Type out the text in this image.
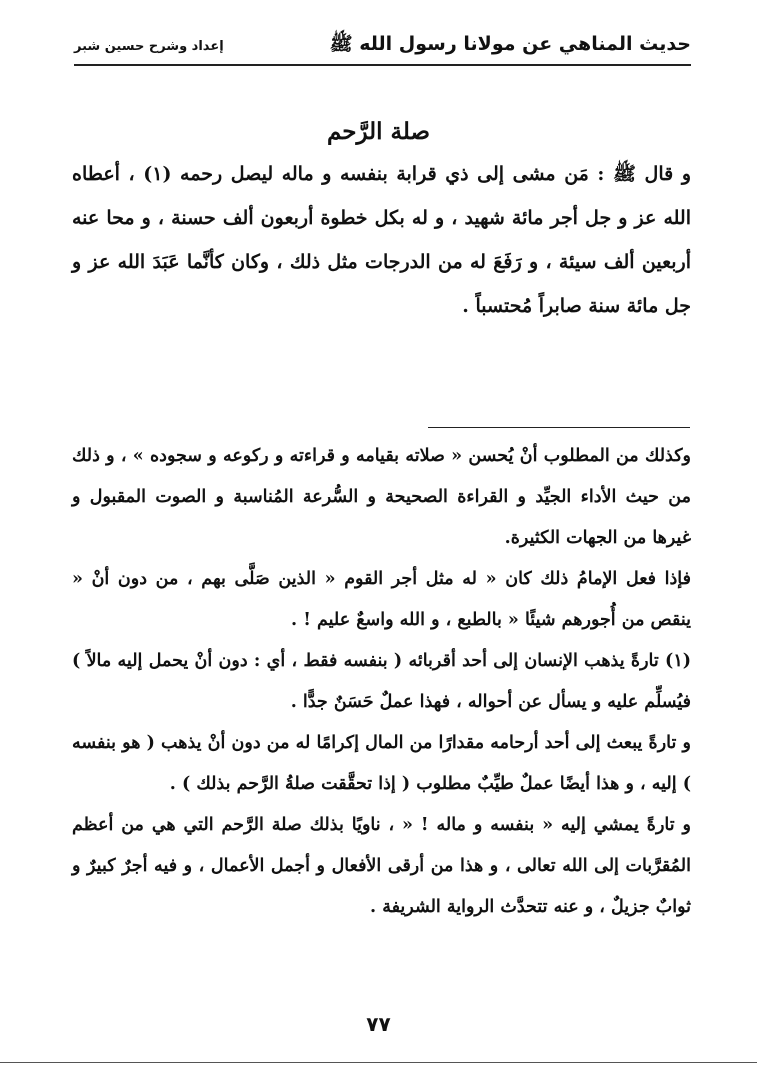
حديث المناهي عن مولانا رسول الله ﷺ
إعداد وشرح حسين شبر
صلة الرَّحم

و قال ﷺ : مَن مشى إلى ذي قرابة بنفسه و ماله ليصل رحمه (١) ، أعطاه الله عز و جل أجر مائة شهيد ، و له بكل خطوة أربعون ألف حسنة ، و محا عنه أربعين ألف سيئة ، و رَفَعَ له من الدرجات مثل ذلك ، وكان كأنَّما عَبَدَ الله عز و جل مائة سنة صابراً مُحتسباً .

وكذلك من المطلوب أنْ يُحسن « صلاته بقيامه و قراءته و ركوعه و سجوده » ، و ذلك من حيث الأداء الجيِّد و القراءة الصحيحة و السُّرعة المُناسبة و الصوت المقبول و غيرها من الجهات الكثيرة.

فإذا فعل الإمامُ ذلك كان « له مثل أجر القوم « الذين صَلَّى بهم ، من دون أنْ « ينقص من أُجورهم شيئًا « بالطبع ، و الله واسعٌ عليم ! .

(١) تارةً يذهب الإنسان إلى أحد أقربائه ( بنفسه فقط ، أي : دون أنْ يحمل إليه مالاً ) فيُسلِّم عليه و يسأل عن أحواله ، فهذا عملٌ حَسَنٌ جدًّا .

و تارةً يبعث إلى أحد أرحامه مقدارًا من المال إكرامًا له من دون أنْ يذهب ( هو بنفسه ) إليه ، و هذا أيضًا عملٌ طيِّبٌ مطلوب ( إذا تحقَّقت صلةُ الرَّحم بذلك ) .

و تارةً يمشي إليه « بنفسه و ماله ! « ، ناويًا بذلك صلة الرَّحم التي هي من أعظم المُقرَّبات إلى الله تعالى ، و هذا من أرقى الأفعال و أجمل الأعمال ، و فيه أجرٌ كبيرٌ و ثوابٌ جزيلٌ ، و عنه تتحدَّث الرواية الشريفة .

٧٧
